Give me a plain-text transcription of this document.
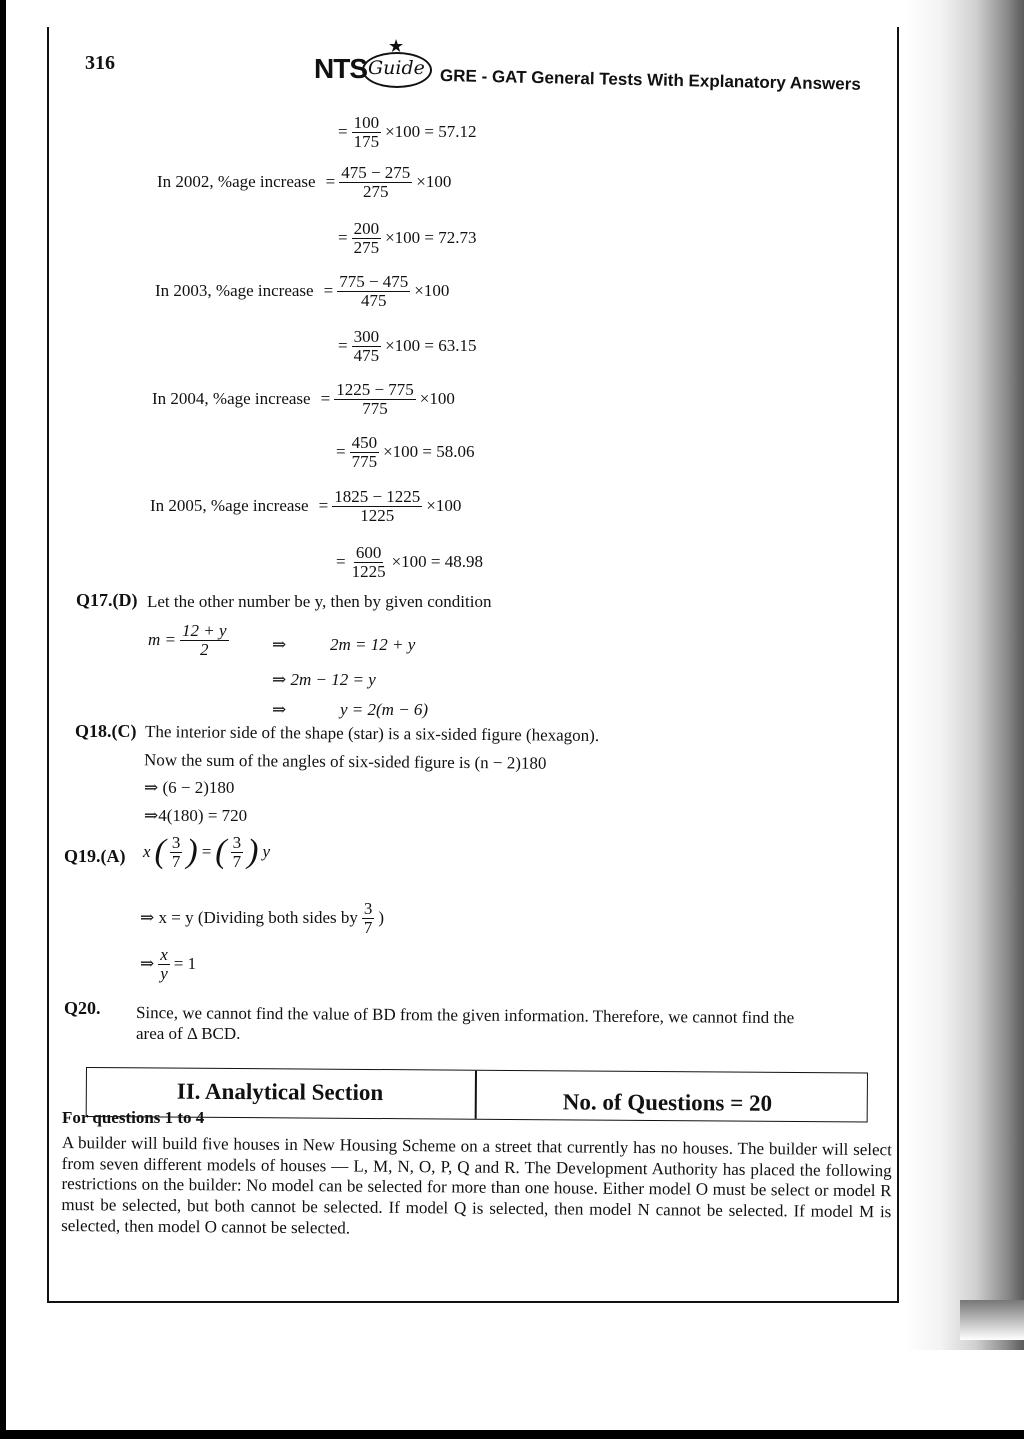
316	NTS Guide
★
GRE - GAT General Tests With Explanatory Answers
= $\frac{100}{175} \times 100 = 57.12$
In 2002, %age increase = $\frac{475 - 275}{275} \times 100$
= $\frac{200}{275} \times 100 = 72.73$
In 2003, %age increase = $\frac{775 - 475}{475} \times 100$
= $\frac{300}{475} \times 100 = 63.15$
In 2004, %age increase = $\frac{1225 - 775}{775} \times 100$
= $\frac{450}{775} \times 100 = 58.06$
In 2005, %age increase = $\frac{1825 - 1225}{1225} \times 100$
= $\frac{600}{1225} \times 100 = 48.98$
Q17.(D) Let the other number be y, then by given condition
$m = \frac{12 + y}{2}$	⇒	2m = 12 + y
⇒ 2m − 12 = y
⇒	y = 2(m − 6)
Q18.(C) The interior side of the shape (star) is a six-sided figure (hexagon).
Now the sum of the angles of six-sided figure is (n − 2)180
⇒ (6 − 2)180
⇒4(180) = 720
Q19.(A) x ( $\frac{3}{7}$ ) = ( $\frac{3}{7}$ ) y
⇒ x = y (Dividing both sides by $\frac{3}{7}$ )
⇒ $\frac{x}{y} = 1$
Q20. Since, we cannot find the value of BD from the given information. Therefore, we cannot find the
area of Δ BCD.
II. Analytical Section	No. of Questions = 20
For questions 1 to 4
A builder will build five houses in New Housing Scheme on a street that currently has no houses. The builder will select from seven different models of houses — L, M, N, O, P, Q and R. The Development Authority has placed the following restrictions on the builder: No model can be selected for more than one house. Either model O must be select or model R must be selected, but both cannot be selected. If model Q is selected, then model N cannot be selected. If model M is selected, then model O cannot be selected.
